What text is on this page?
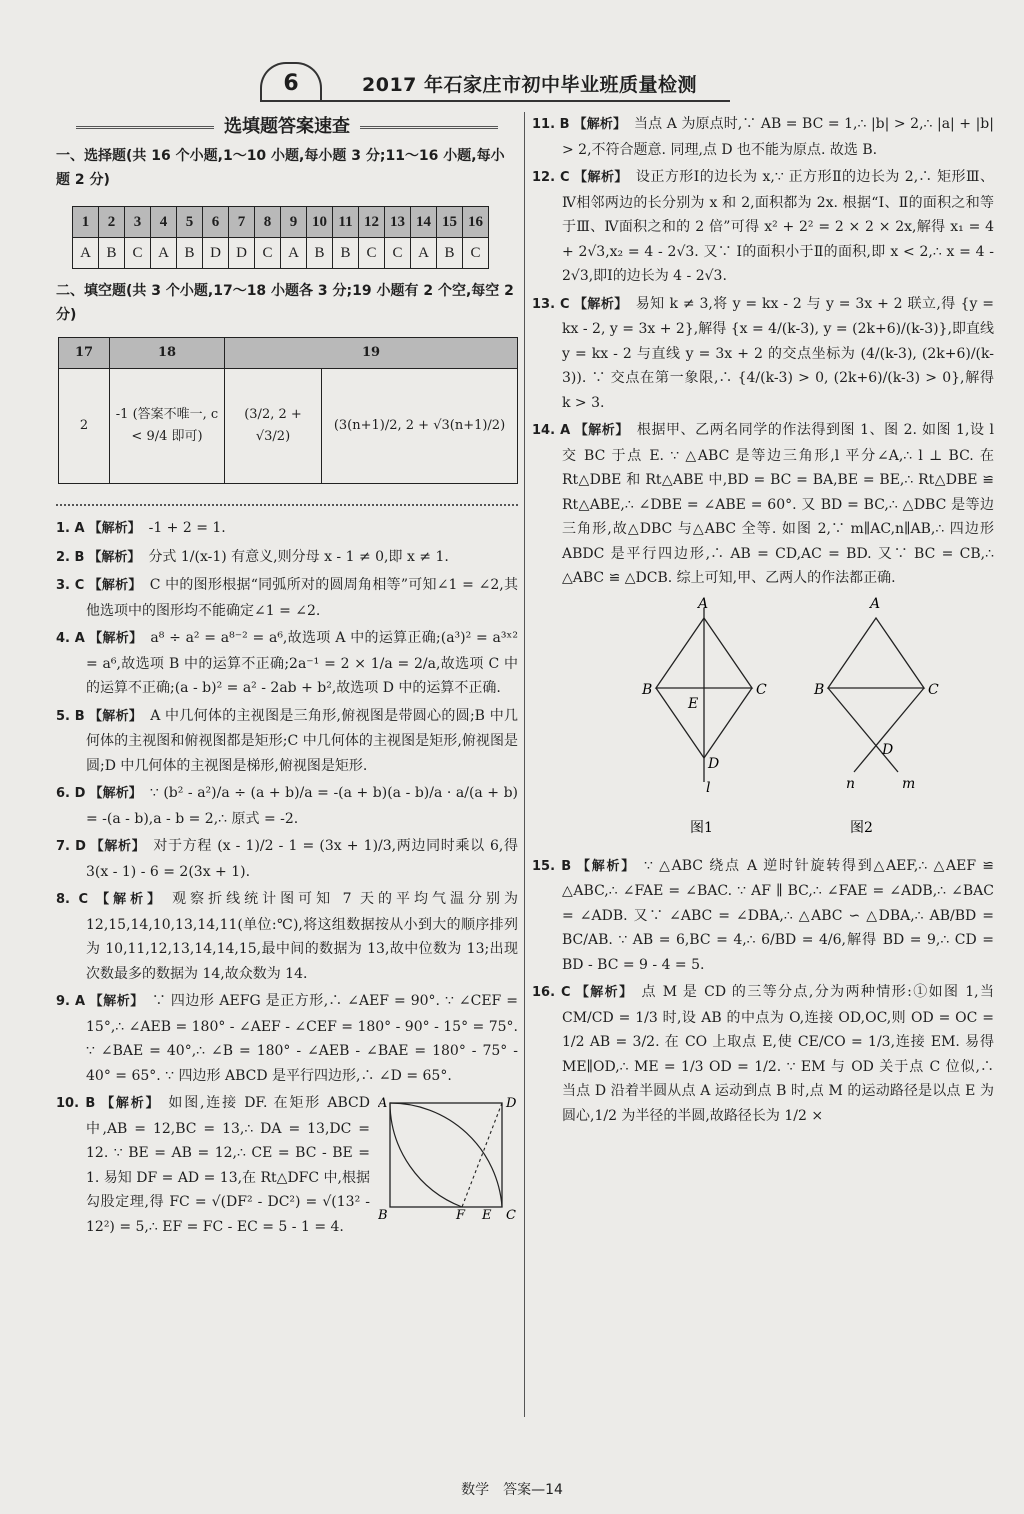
6	2017 年石家庄市初中毕业班质量检测
选填题答案速查
一、选择题(共 16 个小题,1～10 小题,每小题 3 分;11～16 小题,每小题 2 分)
1	2	3	4	5	6	7	8	9	10	11	12	13	14	15	16
A	B	C	A	B	D	D	C	A	B	B	C	C	A	B	C
二、填空题(共 3 个小题,17～18 小题各 3 分;19 小题有 2 个空,每空 2 分)
17	18	19	
2	-1 (答案不唯一, c < 9/4 即可)	(3/2, 2 + √3/2)	(3(n+1)/2, 2 + √3(n+1)/2)
1. A 【解析】 -1 + 2 = 1.
2. B 【解析】 分式 1/(x-1) 有意义,则分母 x - 1 ≠ 0,即 x ≠ 1.
3. C 【解析】 C 中的图形根据“同弧所对的圆周角相等”可知∠1 = ∠2,其他选项中的图形均不能确定∠1 = ∠2.
4. A 【解析】 a⁸ ÷ a² = a⁸⁻² = a⁶,故选项 A 中的运算正确;(a³)² = a³ˣ² = a⁶,故选项 B 中的运算不正确;2a⁻¹ = 2 × 1/a = 2/a,故选项 C 中的运算不正确;(a - b)² = a² - 2ab + b²,故选项 D 中的运算不正确.
5. B 【解析】 A 中几何体的主视图是三角形,俯视图是带圆心的圆;B 中几何体的主视图和俯视图都是矩形;C 中几何体的主视图是矩形,俯视图是圆;D 中几何体的主视图是梯形,俯视图是矩形.
6. D 【解析】 ∵ (b² - a²)/a ÷ (a + b)/a = -(a + b)(a - b)/a · a/(a + b) = -(a - b),a - b = 2,∴ 原式 = -2.
7. D 【解析】 对于方程 (x - 1)/2 - 1 = (3x + 1)/3,两边同时乘以 6,得 3(x - 1) - 6 = 2(3x + 1).
8. C 【解析】 观察折线统计图可知 7 天的平均气温分别为 12,15,14,10,13,14,11(单位:℃),将这组数据按从小到大的顺序排列为 10,11,12,13,14,14,15,最中间的数据为 13,故中位数为 13;出现次数最多的数据为 14,故众数为 14.
9. A 【解析】 ∵ 四边形 AEFG 是正方形,∴ ∠AEF = 90°. ∵ ∠CEF = 15°,∴ ∠AEB = 180° - ∠AEF - ∠CEF = 180° - 90° - 15° = 75°. ∵ ∠BAE = 40°,∴ ∠B = 180° - ∠AEB - ∠BAE = 180° - 75° - 40° = 65°. ∵ 四边形 ABCD 是平行四边形,∴ ∠D = 65°.
A	D
B	F E C
10. B 【解析】 如图,连接 DF. 在矩形 ABCD 中,AB = 12,BC = 13,∴ DA = 13,DC = 12. ∵ BE = AB = 12,∴ CE = BC - BE = 1. 易知 DF = AD = 13,在 Rt△DFC 中,根据勾股定理,得 FC = √(DF² - DC²) = √(13² - 12²) = 5,∴ EF = FC - EC = 5 - 1 = 4.
11. B 【解析】 当点 A 为原点时,∵ AB = BC = 1,∴ |b| > 2,∴ |a| + |b| > 2,不符合题意. 同理,点 D 也不能为原点. 故选 B.
12. C 【解析】 设正方形Ⅰ的边长为 x,∵ 正方形Ⅱ的边长为 2,∴ 矩形Ⅲ、Ⅳ相邻两边的长分别为 x 和 2,面积都为 2x. 根据“Ⅰ、Ⅱ的面积之和等于Ⅲ、Ⅳ面积之和的 2 倍”可得 x² + 2² = 2 × 2 × 2x,解得 x₁ = 4 + 2√3,x₂ = 4 - 2√3. 又∵ Ⅰ的面积小于Ⅱ的面积,即 x < 2,∴ x = 4 - 2√3,即Ⅰ的边长为 4 - 2√3.
13. C 【解析】 易知 k ≠ 3,将 y = kx - 2 与 y = 3x + 2 联立,得 {y = kx - 2, y = 3x + 2},解得 {x = 4/(k-3), y = (2k+6)/(k-3)},即直线 y = kx - 2 与直线 y = 3x + 2 的交点坐标为 (4/(k-3), (2k+6)/(k-3)). ∵ 交点在第一象限,∴ {4/(k-3) > 0, (2k+6)/(k-3) > 0},解得 k > 3.
14. A 【解析】 根据甲、乙两名同学的作法得到图 1、图 2. 如图 1,设 l 交 BC 于点 E. ∵ △ABC 是等边三角形,l 平分∠A,∴ l ⊥ BC. 在 Rt△DBE 和 Rt△ABE 中,BD = BC = BA,BE = BE,∴ Rt△DBE ≌ Rt△ABE,∴ ∠DBE = ∠ABE = 60°. 又 BD = BC,∴ △DBC 是等边三角形,故△DBC 与△ABC 全等. 如图 2,∵ m∥AC,n∥AB,∴ 四边形 ABDC 是平行四边形,∴ AB = CD,AC = BD. 又∵ BC = CB,∴ △ABC ≌ △DCB. 综上可知,甲、乙两人的作法都正确.
A
B	C
E
D
l
图1
A
B	C
D
n	m
图2
15. B 【解析】 ∵ △ABC 绕点 A 逆时针旋转得到△AEF,∴ △AEF ≌ △ABC,∴ ∠FAE = ∠BAC. ∵ AF ∥ BC,∴ ∠FAE = ∠ADB,∴ ∠BAC = ∠ADB. 又∵ ∠ABC = ∠DBA,∴ △ABC ∽ △DBA,∴ AB/BD = BC/AB. ∵ AB = 6,BC = 4,∴ 6/BD = 4/6,解得 BD = 9,∴ CD = BD - BC = 9 - 4 = 5.
16. C 【解析】 点 M 是 CD 的三等分点,分为两种情形:①如图 1,当 CM/CD = 1/3 时,设 AB 的中点为 O,连接 OD,OC,则 OD = OC = 1/2 AB = 3/2. 在 CO 上取点 E,使 CE/CO = 1/3,连接 EM. 易得 ME∥OD,∴ ME = 1/3 OD = 1/2. ∵ EM 与 OD 关于点 C 位似,∴ 当点 D 沿着半圆从点 A 运动到点 B 时,点 M 的运动路径是以点 E 为圆心,1/2 为半径的半圆,故路径长为 1/2 ×
数学　答案—14
